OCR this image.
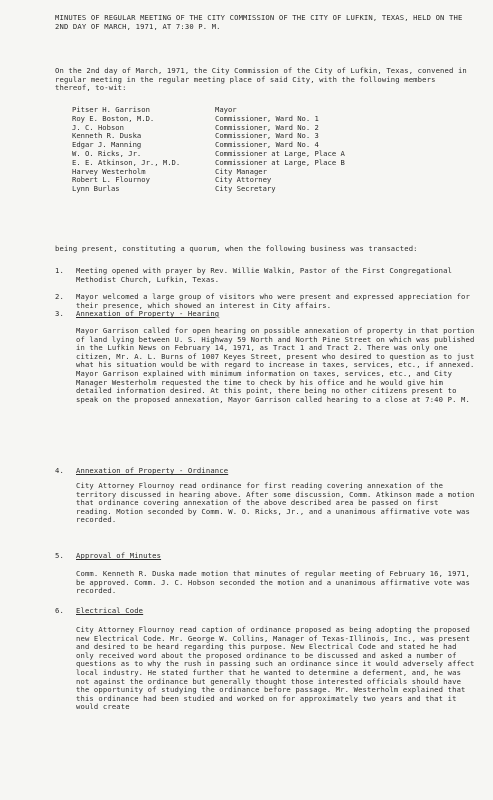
MINUTES OF REGULAR MEETING OF THE CITY COMMISSION OF THE CITY OF LUFKIN, TEXAS, HELD ON THE 2ND DAY OF MARCH, 1971, AT 7:30 P. M.
On the 2nd day of March, 1971, the City Commission of the City of Lufkin, Texas, convened in regular meeting in the regular meeting place of said City, with the following members thereof, to-wit:
Pitser H. Garrison	Mayor
Roy E. Boston, M.D.	Commissioner, Ward No. 1
J. C. Hobson	Commissioner, Ward No. 2
Kenneth R. Duska	Commissioner, Ward No. 3
Edgar J. Manning	Commissioner, Ward No. 4
W. O. Ricks, Jr.	Commissioner at Large, Place A
E. E. Atkinson, Jr., M.D.	Commissioner at Large, Place B
Harvey Westerholm	City Manager
Robert L. Flournoy	City Attorney
Lynn Burlas	City Secretary
being present, constituting a quorum, when the following business was transacted:

1.

	Meeting opened with prayer by Rev. Willie Walkin, Pastor of the First Congregational Methodist Church, Lufkin, Texas.

2.

	Mayor welcomed a large group of visitors who were present and expressed appreciation for their presence, which showed an interest in City affairs.

3.

	Annexation of Property - Hearing

Mayor Garrison called for open hearing on possible annexation of property in that portion of land lying between U. S. Highway 59 North and North Pine Street on which was published in the Lufkin News on February 14, 1971, as Tract 1 and Tract 2. There was only one citizen, Mr. A. L. Burns of 1007 Keyes Street, present who desired to question as to just what his situation would be with regard to increase in taxes, services, etc., if annexed. Mayor Garrison explained with minimum information on taxes, services, etc., and City Manager Westerholm requested the time to check by his office and he would give him detailed information desired. At this point, there being no other citizens present to speak on the proposed annexation, Mayor Garrison called hearing to a close at 7:40 P. M.

4.

	Annexation of Property - Ordinance

City Attorney Flournoy read ordinance for first reading covering annexation of the territory discussed in hearing above. After some discussion, Comm. Atkinson made a motion that ordinance covering annexation of the above described area be passed on first reading. Motion seconded by Comm. W. O. Ricks, Jr., and a unanimous affirmative vote was recorded.

5.

	Approval of Minutes

Comm. Kenneth R. Duska made motion that minutes of regular meeting of February 16, 1971, be approved. Comm. J. C. Hobson seconded the motion and a unanimous affirmative vote was recorded.

6.

	Electrical Code

City Attorney Flournoy read caption of ordinance proposed as being adopting the proposed new Electrical Code. Mr. George W. Collins, Manager of Texas-Illinois, Inc., was present and desired to be heard regarding this purpose. New Electrical Code and stated he had only received word about the proposed ordinance to be discussed and asked a number of questions as to why the rush in passing such an ordinance since it would adversely affect local industry. He stated further that he wanted to determine a deferment, and, he was not against the ordinance but generally thought those interested officials should have the opportunity of studying the ordinance before passage. Mr. Westerholm explained that this ordinance had been studied and worked on for approximately two years and that it would create
